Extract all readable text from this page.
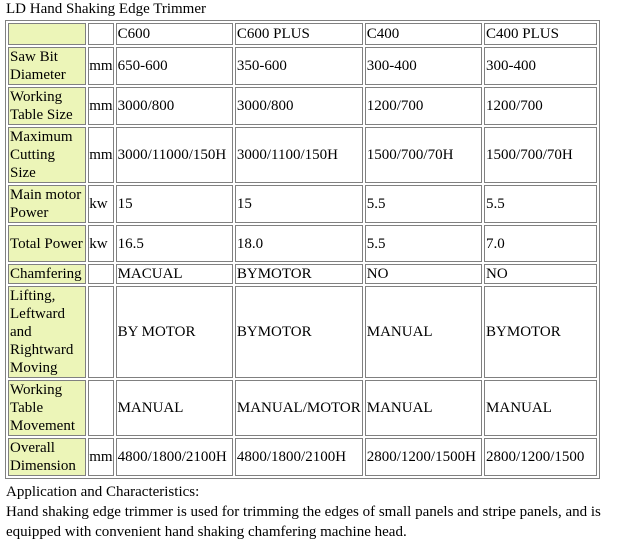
LD Hand Shaking Edge Trimmer
		C600	C600 PLUS	C400	C400 PLUS
Saw Bit Diameter	mm	650-600	350-600	300-400	300-400
Working Table Size	mm	3000/800	3000/800	1200/700	1200/700
Maximum Cutting Size	mm	3000/11000/150H	3000/1100/150H	1500/700/70H	1500/700/70H
Main motor Power	kw	15	15	5.5	5.5
Total Power	kw	16.5	18.0	5.5	7.0
Chamfering		MACUAL	BYMOTOR	NO	NO
Lifting, Leftward and Rightward Moving		BY MOTOR	BYMOTOR	MANUAL	BYMOTOR
Working Table Movement		MANUAL	MANUAL/MOTOR	MANUAL	MANUAL
Overall Dimension	mm	4800/1800/2100H	4800/1800/2100H	2800/1200/1500H	2800/1200/1500
Application and Characteristics:
Hand shaking edge trimmer is used for trimming the edges of small panels and stripe panels, and is equipped with convenient hand shaking chamfering machine head.
